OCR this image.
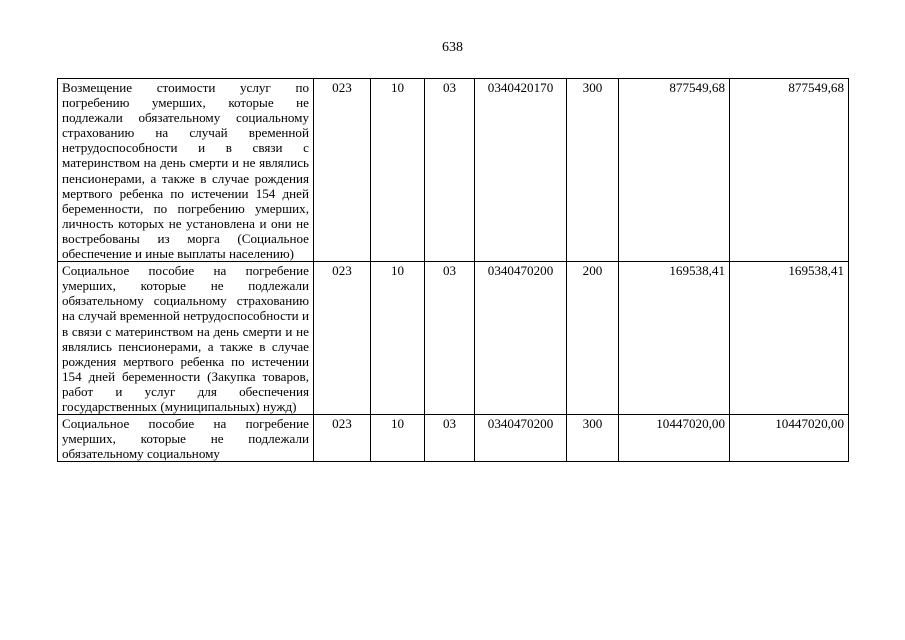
638
Возмещение стоимости услуг по погребению умерших, которые не подлежали обязательному социальному страхованию на случай временной нетрудоспособности и в связи с материнством на день смерти и не являлись пенсионерами, а также в случае рождения мертвого ребенка по истечении 154 дней беременности, по погребению умерших, личность которых не установлена и они не востребованы из морга (Социальное обеспечение и иные выплаты населению)	023	10	03	0340420170	300	877549,68	877549,68
Социальное пособие на погребение умерших, которые не подлежали обязательному социальному страхованию на случай временной нетрудоспособности и в связи с материнством на день смерти и не являлись пенсионерами, а также в случае рождения мертвого ребенка по истечении 154 дней беременности (Закупка товаров, работ и услуг для обеспечения государственных (муниципальных) нужд)	023	10	03	0340470200	200	169538,41	169538,41
Социальное пособие на погребение умерших, которые не подлежали обязательному социальному	023	10	03	0340470200	300	10447020,00	10447020,00
